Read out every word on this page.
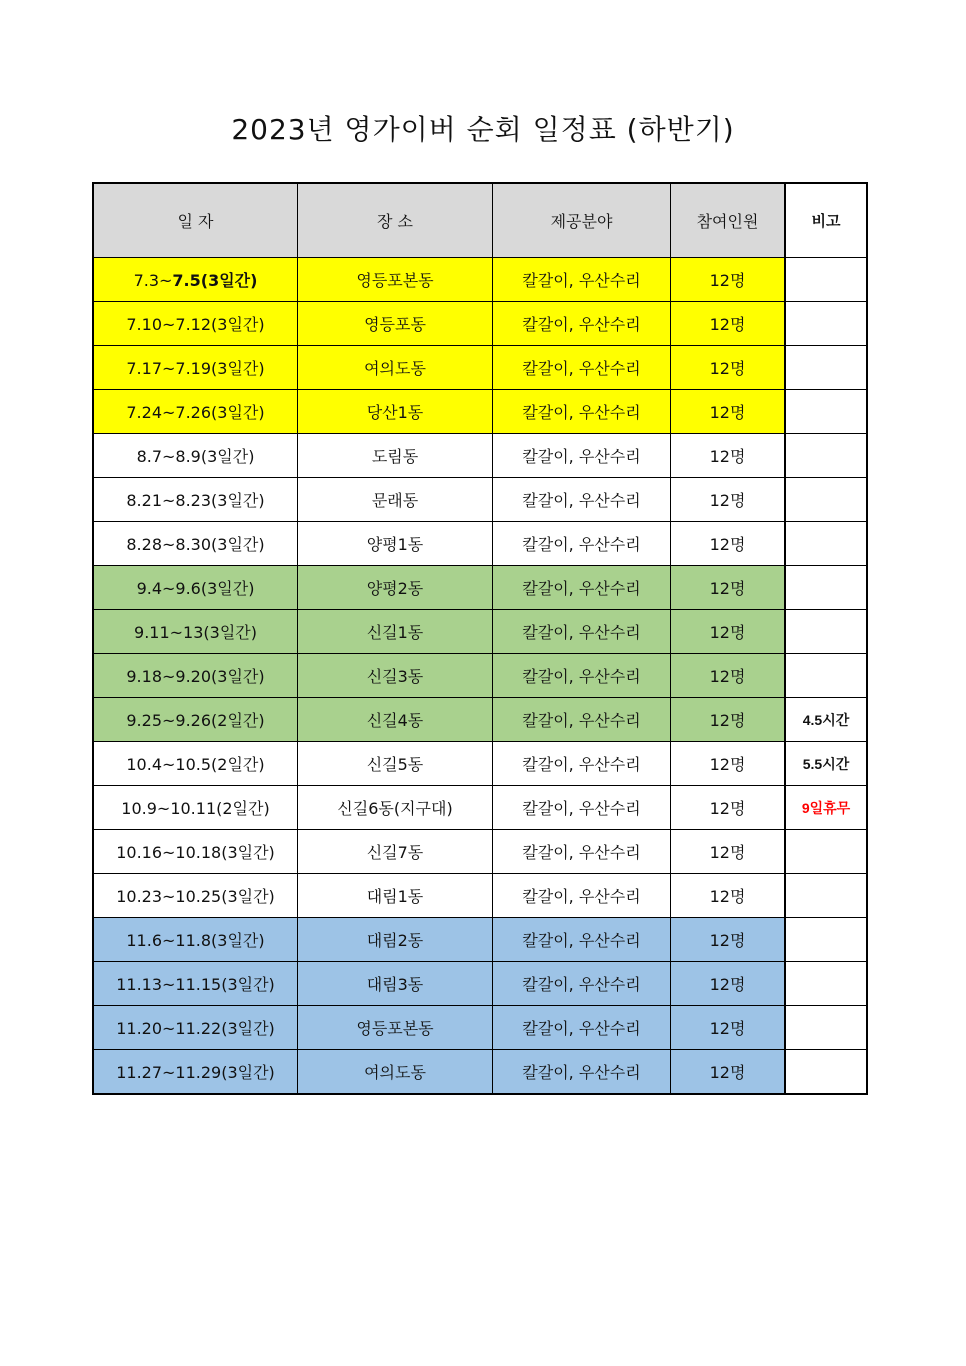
2023년 영가이버 순회 일정표 (하반기)
일 자	장 소	제공분야	참여인원	비고
7.3~7.5(3일간)	영등포본동	칼갈이, 우산수리	12명	
7.10~7.12(3일간)	영등포동	칼갈이, 우산수리	12명	
7.17~7.19(3일간)	여의도동	칼갈이, 우산수리	12명	
7.24~7.26(3일간)	당산1동	칼갈이, 우산수리	12명	
8.7~8.9(3일간)	도림동	칼갈이, 우산수리	12명	
8.21~8.23(3일간)	문래동	칼갈이, 우산수리	12명	
8.28~8.30(3일간)	양평1동	칼갈이, 우산수리	12명	
9.4~9.6(3일간)	양평2동	칼갈이, 우산수리	12명	
9.11~13(3일간)	신길1동	칼갈이, 우산수리	12명	
9.18~9.20(3일간)	신길3동	칼갈이, 우산수리	12명	
9.25~9.26(2일간)	신길4동	칼갈이, 우산수리	12명	4.5시간
10.4~10.5(2일간)	신길5동	칼갈이, 우산수리	12명	5.5시간
10.9~10.11(2일간)	신길6동(지구대)	칼갈이, 우산수리	12명	9일휴무
10.16~10.18(3일간)	신길7동	칼갈이, 우산수리	12명	
10.23~10.25(3일간)	대림1동	칼갈이, 우산수리	12명	
11.6~11.8(3일간)	대림2동	칼갈이, 우산수리	12명	
11.13~11.15(3일간)	대림3동	칼갈이, 우산수리	12명	
11.20~11.22(3일간)	영등포본동	칼갈이, 우산수리	12명	
11.27~11.29(3일간)	여의도동	칼갈이, 우산수리	12명	
